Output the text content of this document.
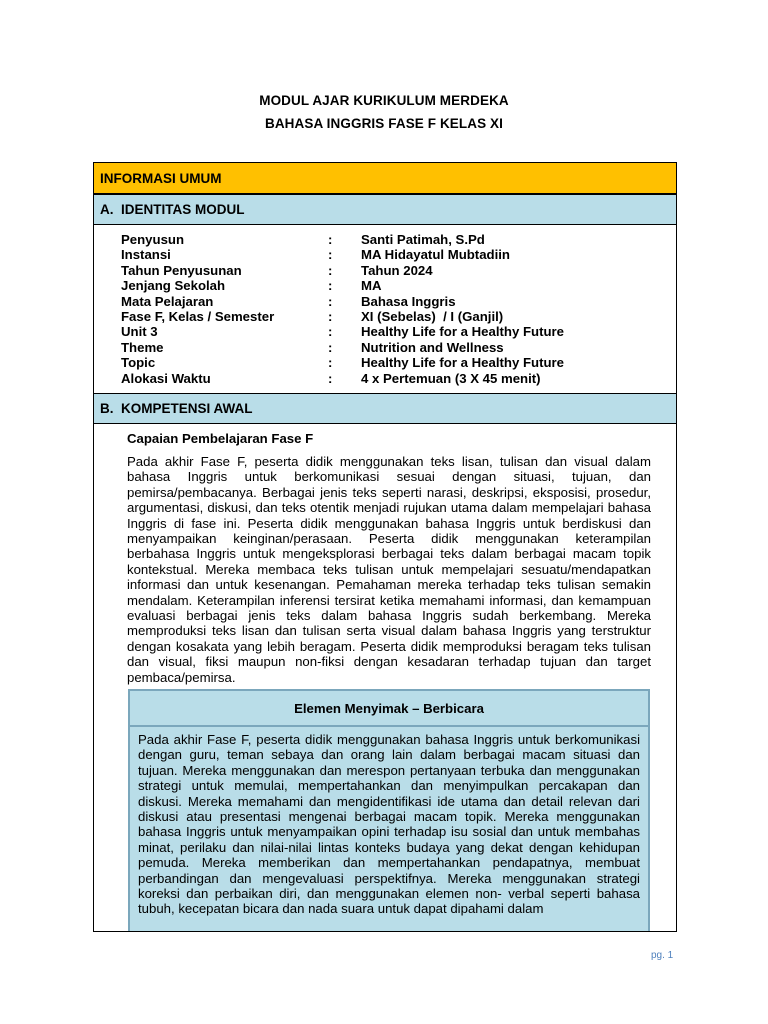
MODUL AJAR KURIKULUM MERDEKA
BAHASA INGGRIS FASE F KELAS XI
INFORMASI UMUM
A. IDENTITAS MODUL
Penyusun	: Santi Patimah, S.Pd
Instansi	: MA Hidayatul Mubtadiin
Tahun Penyusunan	: Tahun 2024
Jenjang Sekolah	: MA
Mata Pelajaran	: Bahasa Inggris
Fase F, Kelas / Semester	: XI (Sebelas)  / I (Ganjil)
Unit 3	: Healthy Life for a Healthy Future
Theme	: Nutrition and Wellness
Topic	: Healthy Life for a Healthy Future
Alokasi Waktu	: 4 x Pertemuan (3 X 45 menit)
B. KOMPETENSI AWAL
Capaian Pembelajaran Fase F
Pada akhir Fase F, peserta didik menggunakan teks lisan, tulisan dan visual dalam bahasa Inggris untuk berkomunikasi sesuai dengan situasi, tujuan, dan pemirsa/pembacanya. Berbagai jenis teks seperti narasi, deskripsi, eksposisi, prosedur, argumentasi, diskusi, dan teks otentik menjadi rujukan utama dalam mempelajari bahasa Inggris di fase ini. Peserta didik menggunakan bahasa Inggris untuk berdiskusi dan menyampaikan keinginan/perasaan. Peserta didik menggunakan keterampilan berbahasa Inggris untuk mengeksplorasi berbagai teks dalam berbagai macam topik kontekstual. Mereka membaca teks tulisan untuk mempelajari sesuatu/mendapatkan informasi dan untuk kesenangan. Pemahaman mereka terhadap teks tulisan semakin mendalam. Keterampilan inferensi tersirat ketika memahami informasi, dan kemampuan evaluasi berbagai jenis teks dalam bahasa Inggris sudah berkembang. Mereka memproduksi teks lisan dan tulisan serta visual dalam bahasa Inggris yang terstruktur dengan kosakata yang lebih beragam. Peserta didik memproduksi beragam teks tulisan dan visual, fiksi maupun non-fiksi dengan kesadaran terhadap tujuan dan target pembaca/pemirsa.
Elemen Menyimak – Berbicara
Pada akhir Fase F, peserta didik menggunakan bahasa Inggris untuk berkomunikasi dengan guru, teman sebaya dan orang lain dalam berbagai macam situasi dan tujuan. Mereka menggunakan dan merespon pertanyaan terbuka dan menggunakan strategi untuk memulai, mempertahankan dan menyimpulkan percakapan dan diskusi. Mereka memahami dan mengidentifikasi ide utama dan detail relevan dari diskusi atau presentasi mengenai berbagai macam topik. Mereka menggunakan bahasa Inggris untuk menyampaikan opini terhadap isu sosial dan untuk membahas minat, perilaku dan nilai-nilai lintas konteks budaya yang dekat dengan kehidupan pemuda. Mereka memberikan dan mempertahankan pendapatnya, membuat perbandingan dan mengevaluasi perspektifnya. Mereka menggunakan strategi koreksi dan perbaikan diri, dan menggunakan elemen non- verbal seperti bahasa tubuh, kecepatan bicara dan nada suara untuk dapat dipahami dalam
pg. 1
